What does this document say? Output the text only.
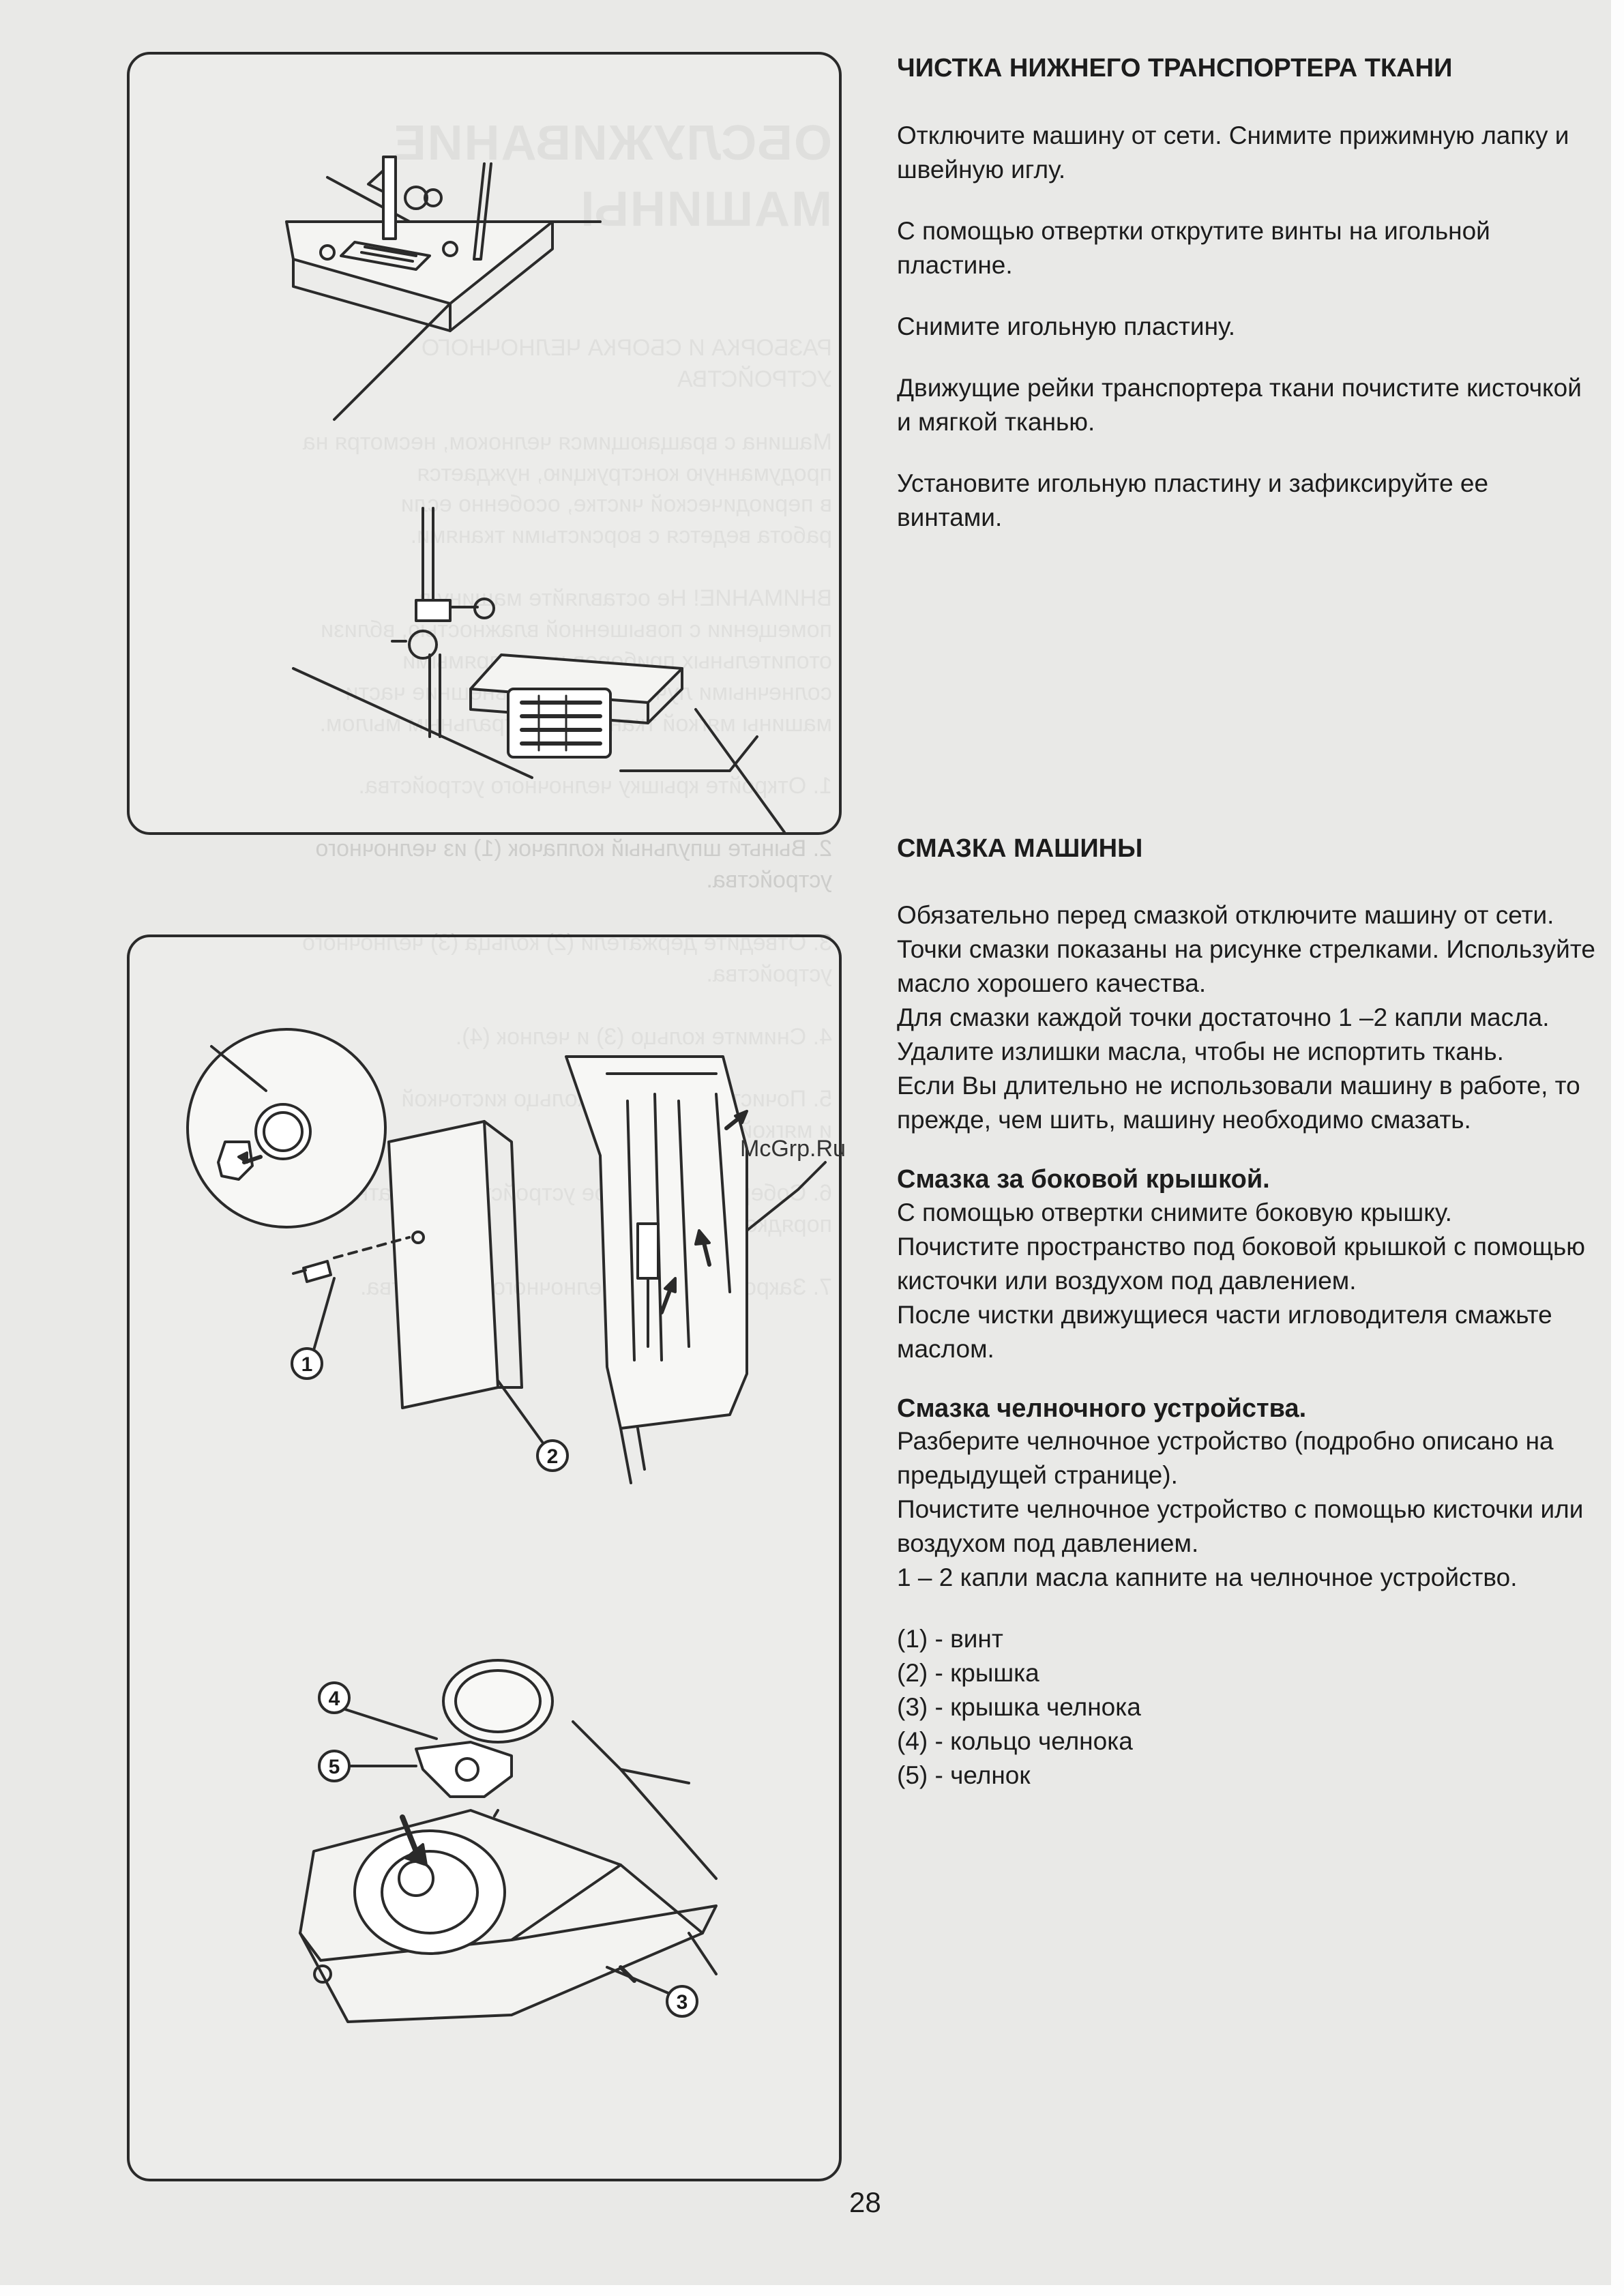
2. Выньте шпульный колпачок (1) из челночного
устройства.

1
2
3
4
5
ЧИСТКА НИЖНЕГО ТРАНСПОРТЕРА ТКАНИ

Отключите машину от сети. Снимите прижимную лапку и швейную иглу.

С помощью отвертки открутите винты на игольной пластине.

Снимите игольную пластину.

Движущие рейки транспортера ткани почистите кисточкой и мягкой тканью.

Установите игольную пластину и зафиксируйте ее винтами.

СМАЗКА МАШИНЫ

Обязательно перед смазкой отключите машину от сети.

Точки смазки показаны на рисунке стрелками. Используйте масло хорошего качества.

Для смазки каждой точки достаточно 1 –2 капли масла.

Удалите излишки масла, чтобы не испортить ткань.

Если Вы длительно не использовали машину в работе, то прежде, чем шить, машину необходимо смазать.

Смазка за боковой крышкой.

С помощью отвертки снимите боковую крышку.

Почистите пространство под боковой крышкой с помощью кисточки или воздухом под давлением.

После чистки движущиеся части игловодителя смажьте маслом.

Смазка челночного устройства.

Разберите челночное устройство (подробно описано на предыдущей странице).

Почистите челночное устройство с помощью кисточки или воздухом под давлением.

1 – 2 капли масла капните на челночное устройство.

(1) - винт
(2) - крышка
(3) - крышка челнока
(4) - кольцо челнока
(5) - челнок
McGrp.Ru
28
